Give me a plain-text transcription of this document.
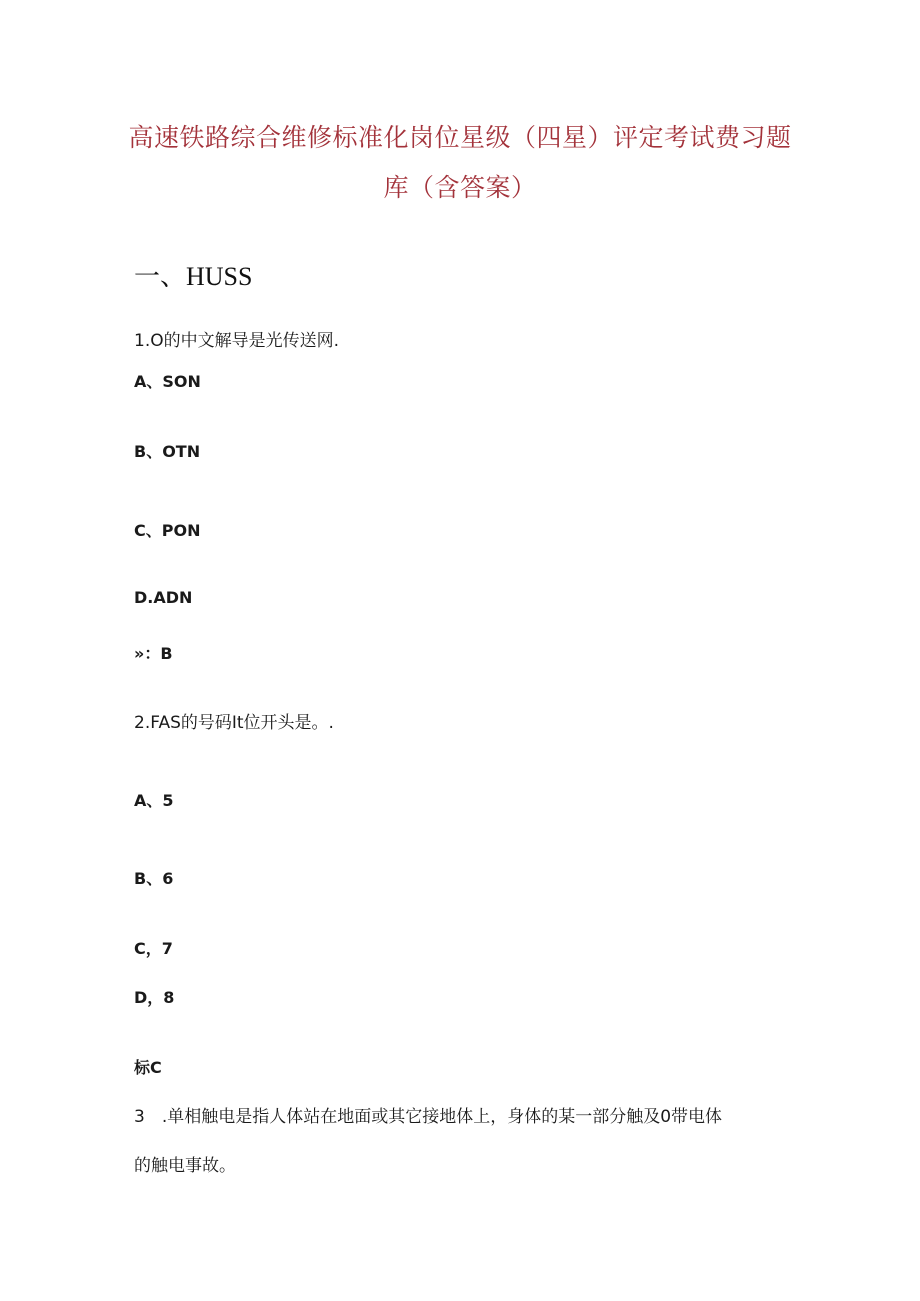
高速铁路综合维修标准化岗位星级（四星）评定考试费习题
库（含答案）
一、HUSS
1.O的中文解导是光传送网.
A、SON
B、OTN
C、PON
D.ADN
»：B
2.FAS的号码It位开头是。.
A、5
B、6
C，7
D，8
标C
3　.单相触电是指人体站在地面或其它接地体上，身体的某一部分触及0带电体
的触电事故。
